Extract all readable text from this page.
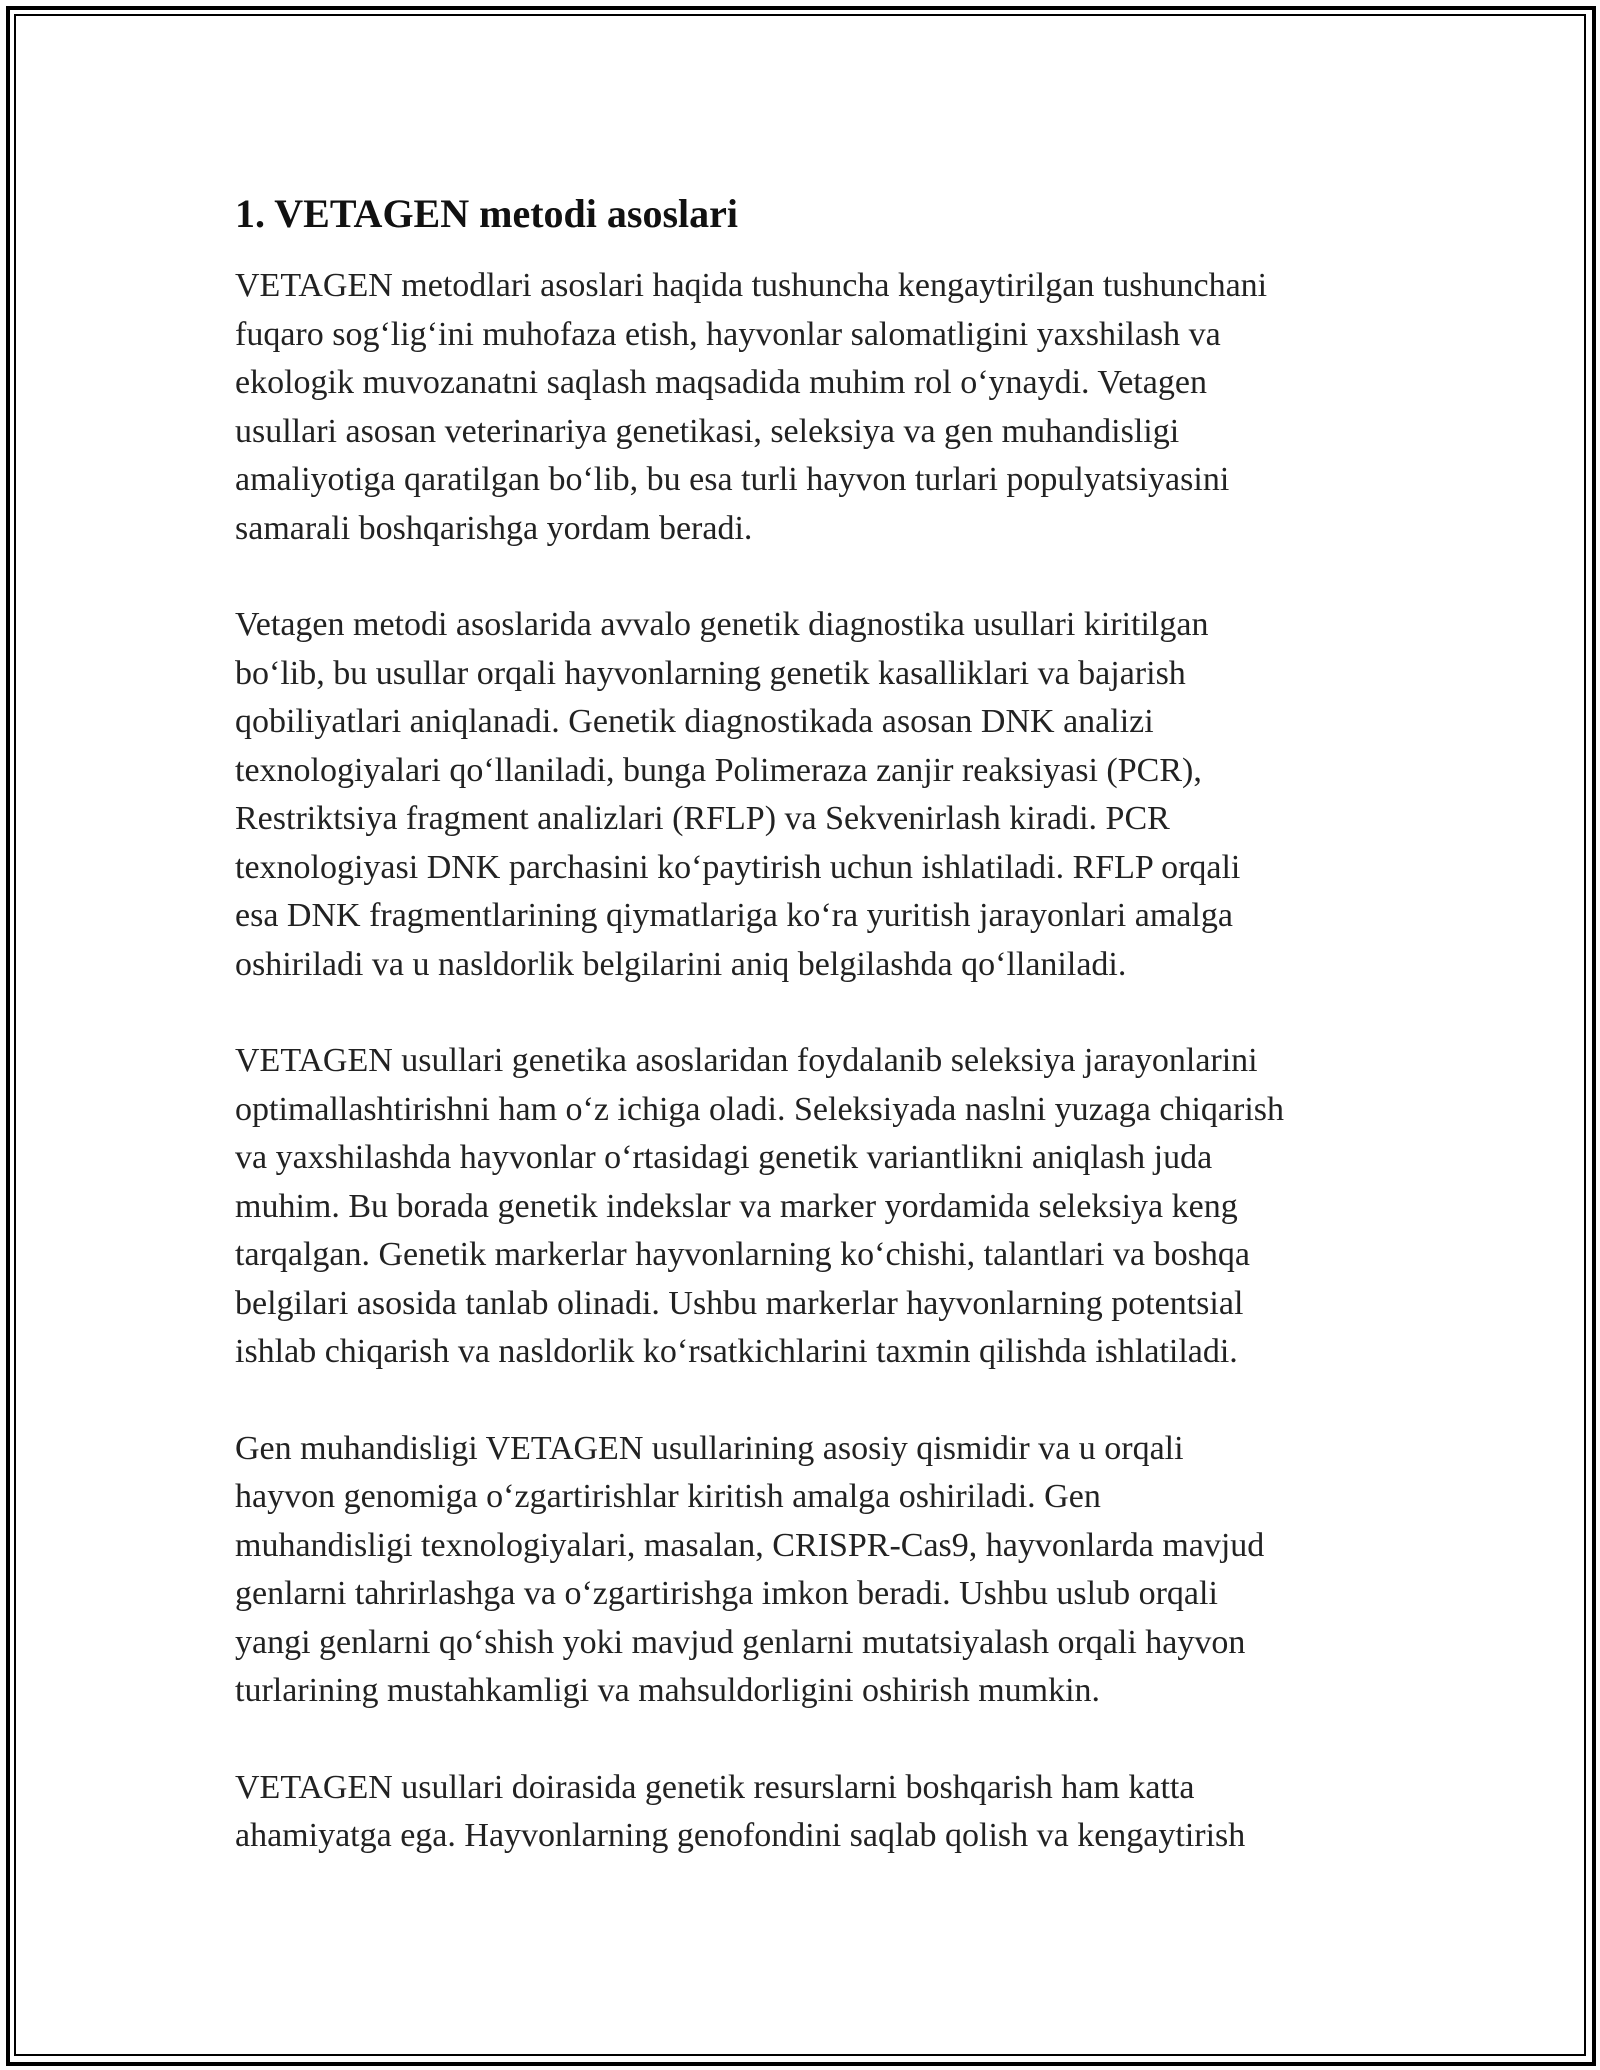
1. VETAGEN metodi asoslari

VETAGEN metodlari asoslari haqida tushuncha kengaytirilgan tushunchani
fuqaro sog‘lig‘ini muhofaza etish, hayvonlar salomatligini yaxshilash va
ekologik muvozanatni saqlash maqsadida muhim rol o‘ynaydi. Vetagen
usullari asosan veterinariya genetikasi, seleksiya va gen muhandisligi
amaliyotiga qaratilgan bo‘lib, bu esa turli hayvon turlari populyatsiyasini
samarali boshqarishga yordam beradi.

Vetagen metodi asoslarida avvalo genetik diagnostika usullari kiritilgan
bo‘lib, bu usullar orqali hayvonlarning genetik kasalliklari va bajarish
qobiliyatlari aniqlanadi. Genetik diagnostikada asosan DNK analizi
texnologiyalari qo‘llaniladi, bunga Polimeraza zanjir reaksiyasi (PCR),
Restriktsiya fragment analizlari (RFLP) va Sekvenirlash kiradi. PCR
texnologiyasi DNK parchasini ko‘paytirish uchun ishlatiladi. RFLP orqali
esa DNK fragmentlarining qiymatlariga ko‘ra yuritish jarayonlari amalga
oshiriladi va u nasldorlik belgilarini aniq belgilashda qo‘llaniladi.

VETAGEN usullari genetika asoslaridan foydalanib seleksiya jarayonlarini
optimallashtirishni ham o‘z ichiga oladi. Seleksiyada naslni yuzaga chiqarish
va yaxshilashda hayvonlar o‘rtasidagi genetik variantlikni aniqlash juda
muhim. Bu borada genetik indekslar va marker yordamida seleksiya keng
tarqalgan. Genetik markerlar hayvonlarning ko‘chishi, talantlari va boshqa
belgilari asosida tanlab olinadi. Ushbu markerlar hayvonlarning potentsial
ishlab chiqarish va nasldorlik ko‘rsatkichlarini taxmin qilishda ishlatiladi.

Gen muhandisligi VETAGEN usullarining asosiy qismidir va u orqali
hayvon genomiga o‘zgartirishlar kiritish amalga oshiriladi. Gen
muhandisligi texnologiyalari, masalan, CRISPR-Cas9, hayvonlarda mavjud
genlarni tahrirlashga va o‘zgartirishga imkon beradi. Ushbu uslub orqali
yangi genlarni qo‘shish yoki mavjud genlarni mutatsiyalash orqali hayvon
turlarining mustahkamligi va mahsuldorligini oshirish mumkin.

VETAGEN usullari doirasida genetik resurslarni boshqarish ham katta
ahamiyatga ega. Hayvonlarning genofondini saqlab qolish va kengaytirish
